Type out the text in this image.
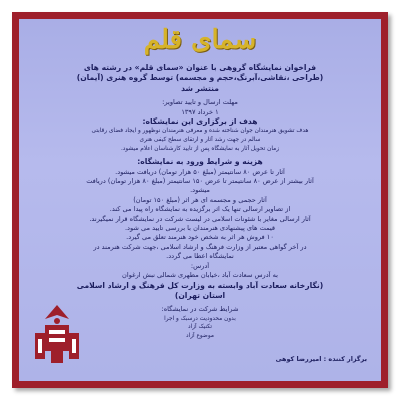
سمای قلم
فراخوان نمایشگاه گروهی با عنوان «سمای قلم» در رشته های
(طراحی ،نقاشی،آبرنگ،حجم و مجسمه) توسط گروه هنری (آیمان)
منتشر شد
مهلت ارسال و تایید تصاویر:
۱ خرداد ۱۳۹۷
هدف از برگزاری این نمایشگاه:
هدف تشویق هنرمندان جوان شناخته شده و معرفی هنرمندان نوظهور و ایجاد فضای رقابتی
سالم در جهت رشد آثار و ارتقای سطح کیفی هنری
زمان تحویل آثار به نمایشگاه پس از تایید کارشناسان اعلام میشود.
هزینه و شرایط ورود به نمایشگاه:
آثار تا عرض ۸۰ سانتیمتر (مبلغ ۵۰ هزار تومان) دریافت میشود.
آثار بیشتر از عرض ۸۰ سانتیمتر تا عرض ۱۵۰ سانتیمتر (مبلغ ۸۰ هزار تومان) دریافت
میشود.
آثار حجمی و مجسمه ای هر اثر (مبلغ ۱۵۰ تومان)
از تصاویر ارسالی تنها یک اثر برگزیده به نمایشگاه راه پیدا می کند.
آثار ارسالی مغایر با شئونات اسلامی در لیست شرکت در نمایشگاه قرار نمیگیرند.
قیمت های پیشنهادی هنرمندان با بررسی تایید می شود.
۱۰ فروش هر اثر به شخص خود هنرمند تعلق می گیرد.
در آخر گواهی معتبر از وزارت فرهنگ و ارشاد اسلامی ،جهت شرکت هنرمند در
نمایشگاه اعطا می گردد.
آدرس:
به آدرس سعادت آباد ،خیابان مطهری شمالی نبش ارغوان
(نگارخانه سعادت آباد وابسته به وزارت کل فرهنگ و ارشاد اسلامی
استان تهران)
شرایط شرکت در نمایشگاه:
بدون محدودیت درسبک و اجرا
تکنیک آزاد
موضوع آزاد
برگزار کننده : امیررضا کوهی
